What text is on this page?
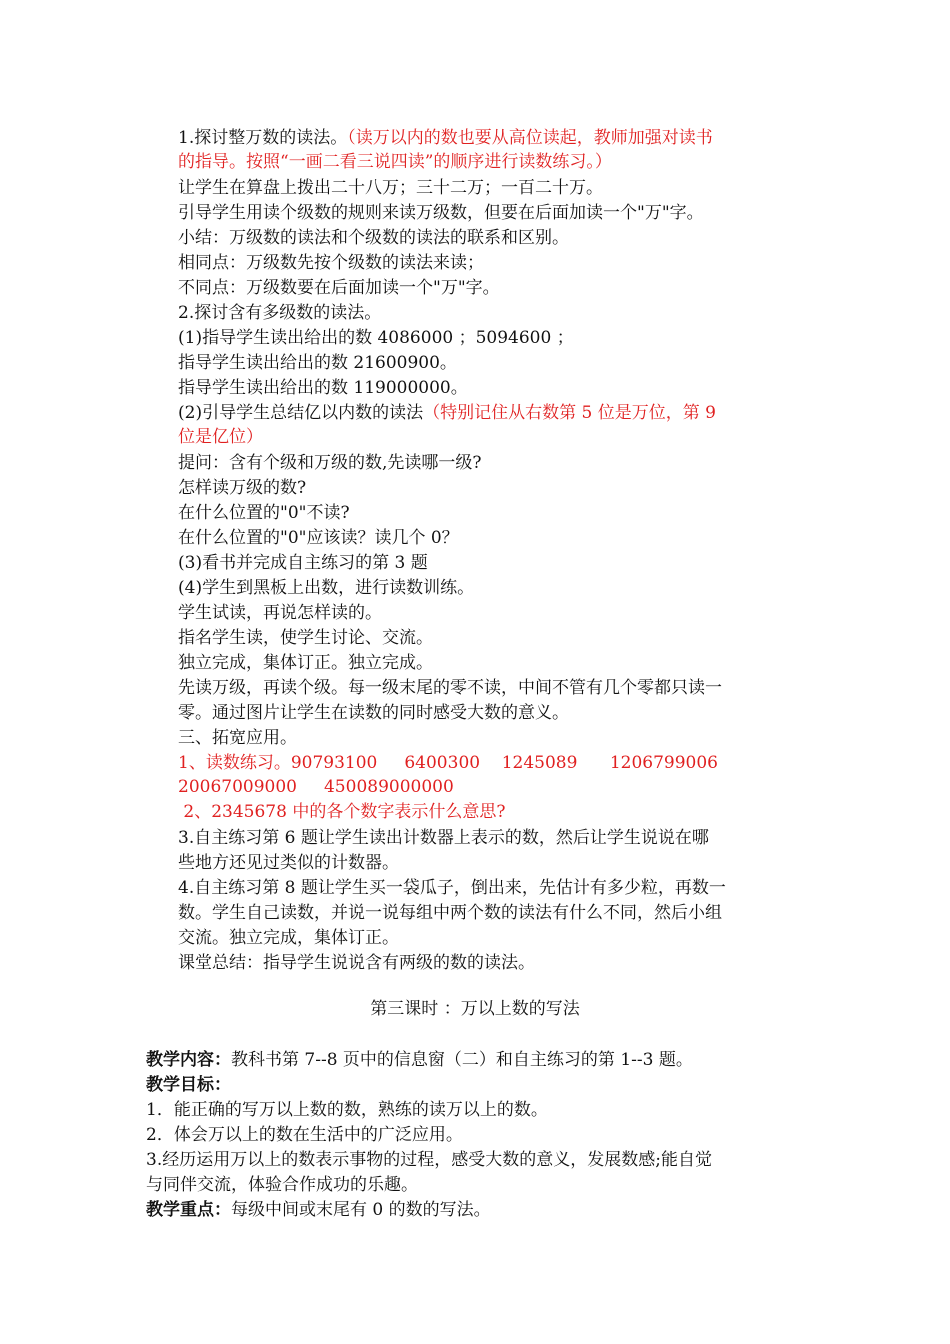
1.探讨整万数的读法。（读万以内的数也要从高位读起，教师加强对读书
的指导。按照“一画二看三说四读”的顺序进行读数练习。）
让学生在算盘上拨出二十八万；三十二万；一百二十万。
引导学生用读个级数的规则来读万级数，但要在后面加读一个"万"字。
小结：万级数的读法和个级数的读法的联系和区别。
相同点：万级数先按个级数的读法来读；
不同点：万级数要在后面加读一个"万"字。
2.探讨含有多级数的读法。
(1)指导学生读出给出的数 4086000 ；5094600 ；
指导学生读出给出的数 21600900。
指导学生读出给出的数 119000000。
(2)引导学生总结亿以内数的读法（特别记住从右数第 5 位是万位，第 9
位是亿位）
提问：含有个级和万级的数,先读哪一级?
怎样读万级的数?
在什么位置的"0"不读?
在什么位置的"0"应该读？读几个 0？
(3)看书并完成自主练习的第 3 题
(4)学生到黑板上出数，进行读数训练。
学生试读，再说怎样读的。
指名学生读，使学生讨论、交流。
独立完成，集体订正。独立完成。
先读万级，再读个级。每一级末尾的零不读，中间不管有几个零都只读一
零。通过图片让学生在读数的同时感受大数的意义。
三、拓宽应用。
1、读数练习。90793100     6400300    1245089      1206799006
2006700900​0     450089000000
2、2345678 中的各个数字表示什么意思?
3.自主练习第 6 题让学生读出计数器上表示的数，然后让学生说说在哪
些地方还见过类似的计数器。
4.自主练习第 8 题让学生买一袋瓜子，倒出来，先估计有多少粒，再数一
数。学生自己读数，并说一说每组中两个数的读法有什么不同，然后小组
交流。独立完成，集体订正。
课堂总结：指导学生说说含有两级的数的读法。
第三课时 ：万以上数的写法
教学内容：教科书第 7--8 页中的信息窗（二）和自主练习的第 1--3 题。
教学目标：
1．能正确的写万以上数的数，熟练的读万以上的数。
2．体会万以上的数在生活中的广泛应用。
3.经历运用万以上的数表示事物的过程，感受大数的意义，发展数感;能自觉
与同伴交流，体验合作成功的乐趣。
教学重点：每级中间或末尾有 0 的数的写法。
